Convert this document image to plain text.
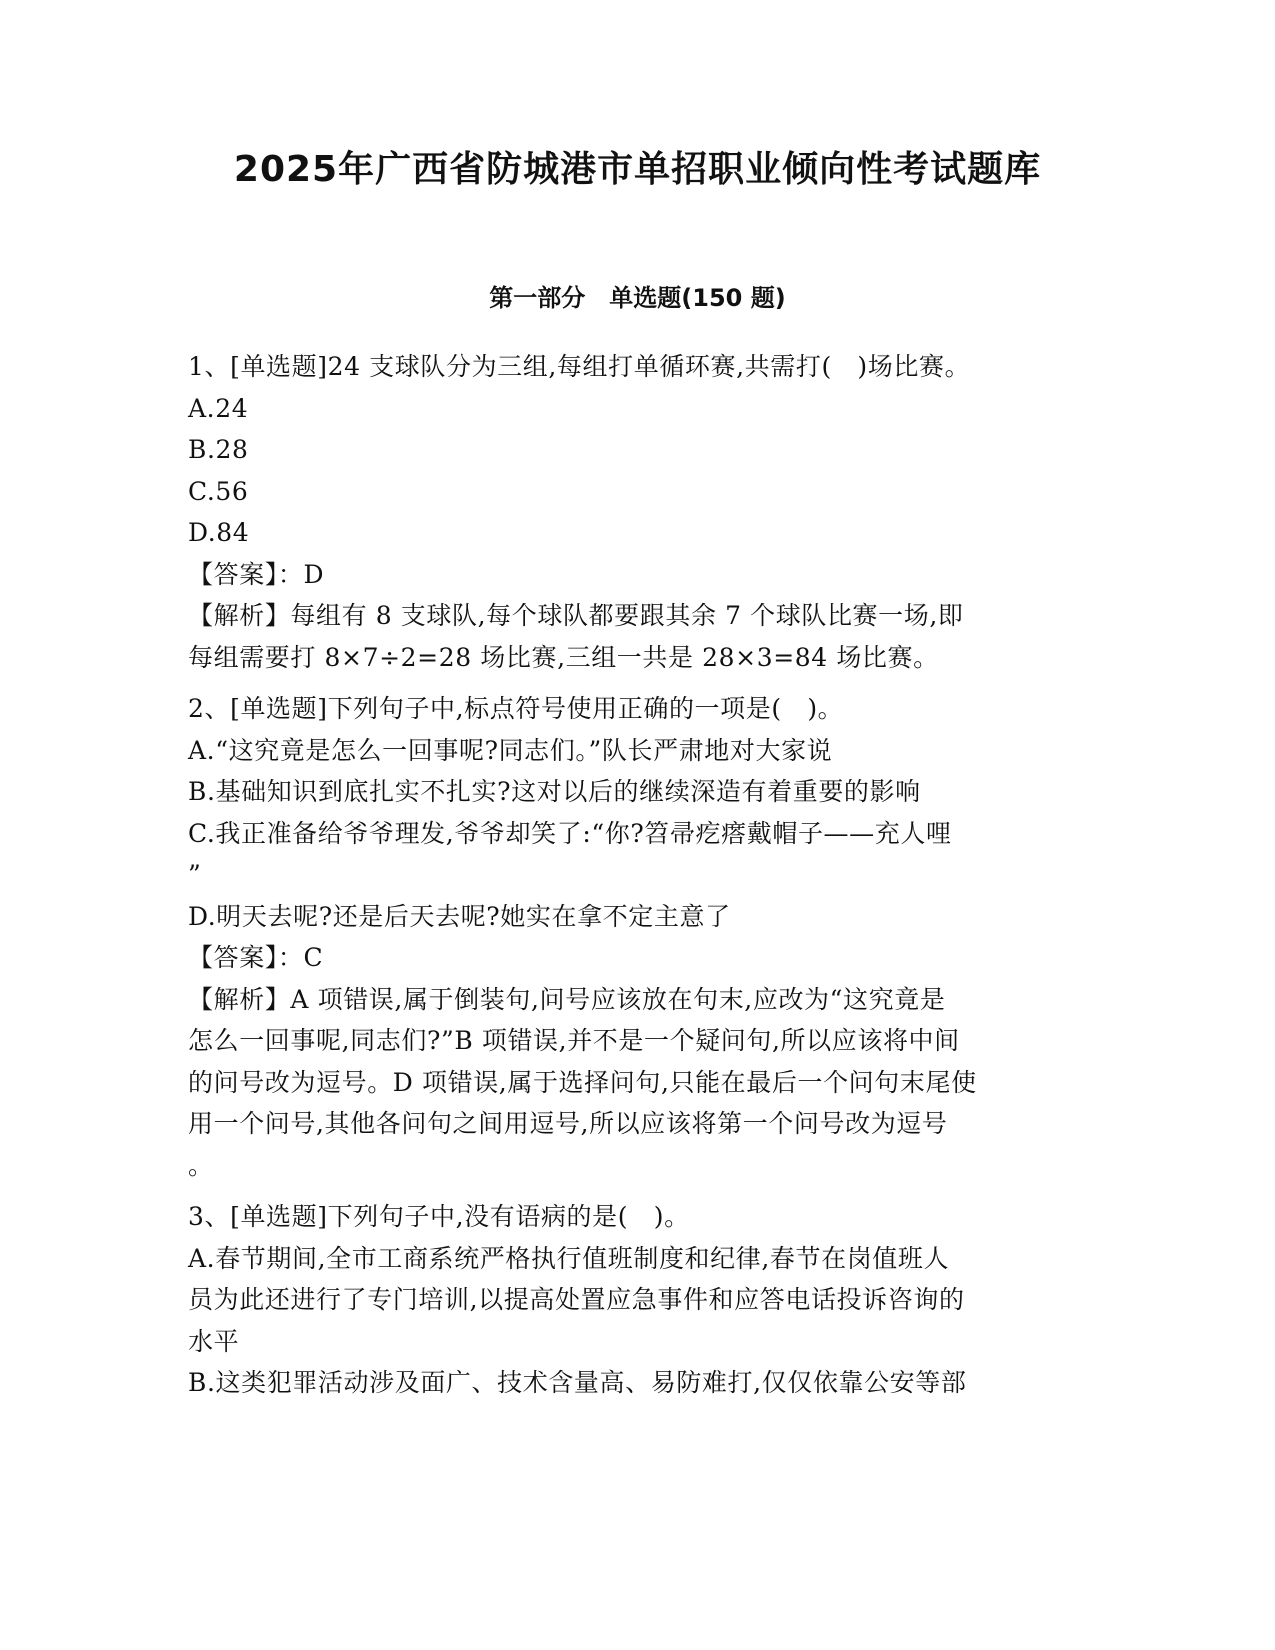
2025年广西省防城港市单招职业倾向性考试题库
第一部分　单选题(150 题)
1、[单选题]24 支球队分为三组,每组打单循环赛,共需打(　)场比赛。
A.24
B.28
C.56
D.84
【答案】：D
【解析】每组有 8 支球队,每个球队都要跟其余 7 个球队比赛一场,即
每组需要打 8×7÷2=28 场比赛,三组一共是 28×3=84 场比赛。
2、[单选题]下列句子中,标点符号使用正确的一项是(　)。
A.“这究竟是怎么一回事呢?同志们。”队长严肃地对大家说
B.基础知识到底扎实不扎实?这对以后的继续深造有着重要的影响
C.我正准备给爷爷理发,爷爷却笑了:“你?笤帚疙瘩戴帽子——充人哩
”
D.明天去呢?还是后天去呢?她实在拿不定主意了
【答案】：C
【解析】A 项错误,属于倒装句,问号应该放在句末,应改为“这究竟是
怎么一回事呢,同志们?”B 项错误,并不是一个疑问句,所以应该将中间
的问号改为逗号。D 项错误,属于选择问句,只能在最后一个问句末尾使
用一个问号,其他各问句之间用逗号,所以应该将第一个问号改为逗号
。
3、[单选题]下列句子中,没有语病的是(　)。
A.春节期间,全市工商系统严格执行值班制度和纪律,春节在岗值班人
员为此还进行了专门培训,以提高处置应急事件和应答电话投诉咨询的
水平
B.这类犯罪活动涉及面广、技术含量高、易防难打,仅仅依靠公安等部
